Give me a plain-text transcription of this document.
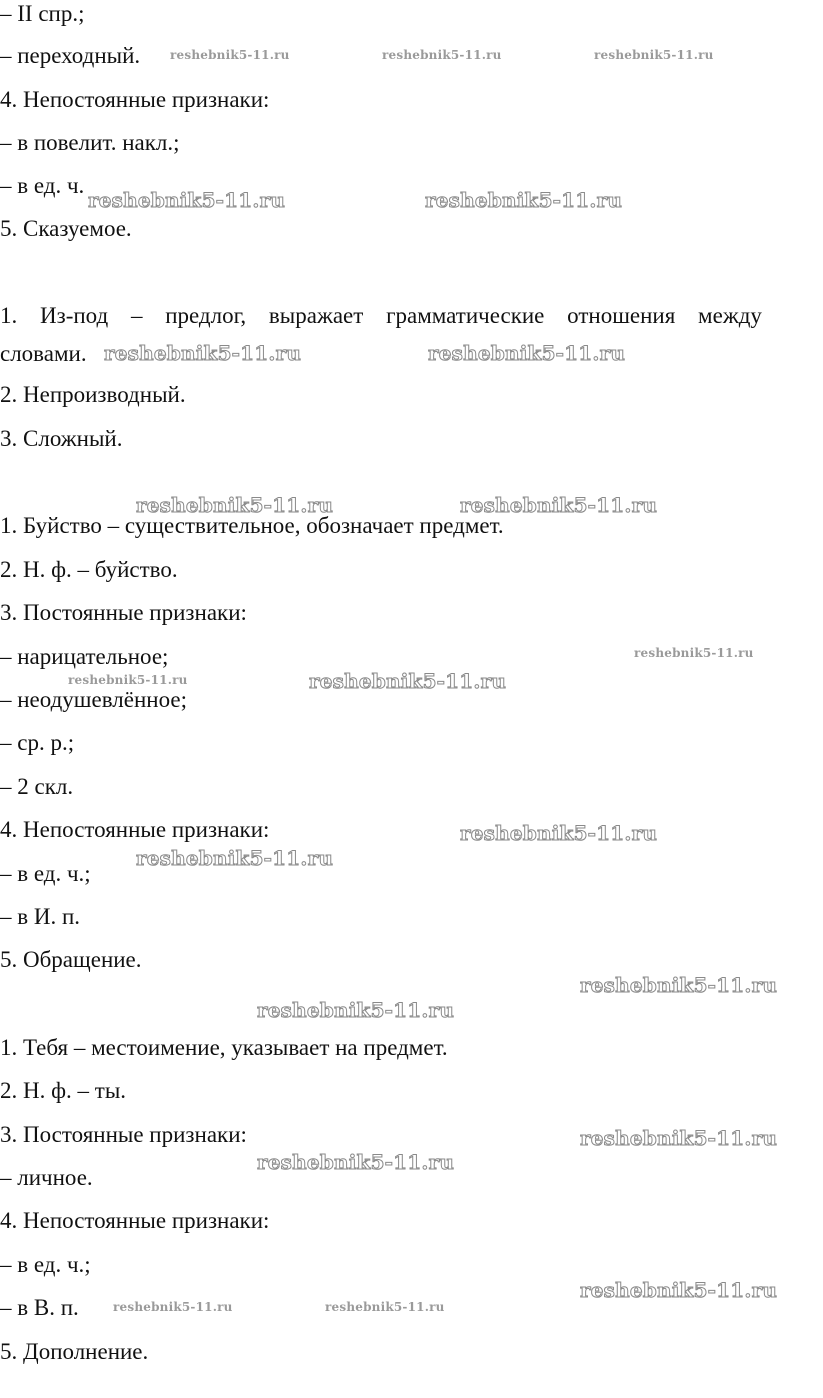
– II спр.;
– переходный.
4. Непостоянные признаки:
– в повелит. накл.;
– в ед. ч.
5. Сказуемое.
1. Из-под – предлог, выражает грамматические отношения между
словами.
2. Непроизводный.
3. Сложный.
1. Буйство – существительное, обозначает предмет.
2. Н. ф. – буйство.
3. Постоянные признаки:
– нарицательное;
– неодушевлённое;
– ср. р.;
– 2 скл.
4. Непостоянные признаки:
– в ед. ч.;
– в И. п.
5. Обращение.
1. Тебя – местоимение, указывает на предмет.
2. Н. ф. – ты.
3. Постоянные признаки:
– личное.
4. Непостоянные признаки:
– в ед. ч.;
– в В. п.
5. Дополнение.
reshebnik5-11.ru	reshebnik5-11.ru	reshebnik5-11.ru
reshebnik5-11.ru	reshebnik5-11.ru
reshebnik5-11.ru	reshebnik5-11.ru
reshebnik5-11.ru	reshebnik5-11.ru
reshebnik5-11.ru
reshebnik5-11.ru	reshebnik5-11.ru
reshebnik5-11.ru
reshebnik5-11.ru
reshebnik5-11.ru
reshebnik5-11.ru
reshebnik5-11.ru
reshebnik5-11.ru
reshebnik5-11.ru
reshebnik5-11.ru	reshebnik5-11.ru
